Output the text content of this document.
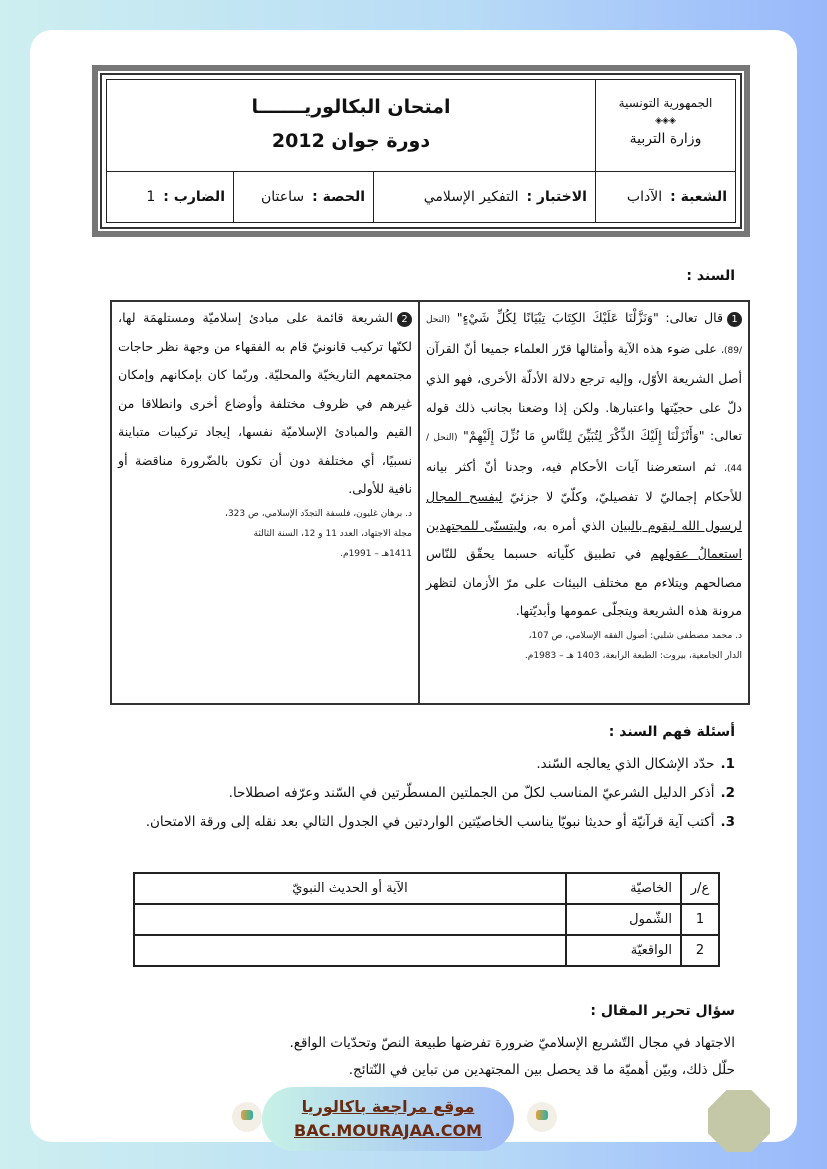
الجمهورية التونسية
◈◈◈
وزارة التربية
امتحان البكالوريـــــــا
دورة جوان 2012
الشعبة :
الآداب
الاختبار :
التفكير الإسلامي
الحصة :
ساعتان
الضارب :
1
السند :
1قال تعالى: "وَنَزَّلْنَا عَلَيْكَ الكِتَابَ تِبْيَانًا لِكُلِّ شَيْءٍ" (النحل /89)، على ضوء هذه الآية وأمثالها قرّر العلماء جميعا أنّ القرآن أصل الشريعة الأوّل، وإليه ترجع دلالة الأدلّة الأخرى، فهو الذي دلّ على حجيّتها واعتبارها. ولكن إذا وضعنا بجانب ذلك قوله تعالى: "وَأَنْزَلْنَا إِلَيْكَ الذِّكْرَ لِتُبَيِّنَ لِلنَّاسِ مَا نُزِّلَ إِلَيْهِمْ" (النحل / 44)، ثم استعرضنا آيات الأحكام فيه، وجدنا أنّ أكثر بيانه للأحكام إجماليّ لا تفصيليّ، وكلّيّ لا جزئيّ ليفسح المجال لرسول الله ليقوم بالبيان الذي أمره به، وليتسنّى للمجتهدين استعمالُ عقولهم في تطبيق كلّياته حسبما يحقّق للنّاس مصالحهم ويتلاءم مع مختلف البيئات على مرّ الأزمان لتظهر مرونة هذه الشريعة ويتجلّى عمومها وأبديّتها.
د. محمد مصطفى شلبي: أصول الفقه الإسلامي، ص 107،
الدار الجامعية، بيروت: الطبعة الرابعة، 1403 هـ – 1983م.
2الشريعة قائمة على مبادئ إسلاميّة ومستلهمَة لها، لكنّها تركيب قانونيّ قام به الفقهاء من وجهة نظر حاجات مجتمعهم التاريخيّة والمحليّة. وربّما كان بإمكانهم وإمكان غيرهم في ظروف مختلفة وأوضاع أخرى وانطلاقا من القيم والمبادئ الإسلاميّة نفسها، إيجاد تركيبات متباينة نسبيًا، أي مختلفة دون أن تكون بالضّرورة مناقضة أو نافية للأولى.
د. برهان غليون، فلسفة التجدّد الإسلامي، ص 323،
مجلة الاجتهاد، العدد 11 و 12، السنة الثالثة
1411هـ – 1991م.
أسئلة فهم السند :
1.حدّد الإشكال الذي يعالجه السّند.
2.أذكر الدليل الشرعيّ المناسب لكلّ من الجملتين المسطّرتين في السّند وعرّفه اصطلاحا.
3.أكتب آية قرآنيّة أو حديثا نبويّا يناسب الخاصيّتين الواردتين في الجدول التالي بعد نقله إلى ورقة الامتحان.
ع/ر	الخاصيّة	الآية أو الحديث النبويّ
1	الشّمول	
2	الواقعيّة	
سؤال تحرير المقال :
الاجتهاد في مجال التّشريع الإسلاميّ ضرورة تفرضها طبيعة النصّ وتحدّيات الواقع.
حلّل ذلك، وبيّن أهميّة ما قد يحصل بين المجتهدين من تباين في النّتائج.
موقع مراجعة باكالوريا
BAC.MOURAJAA.COM
